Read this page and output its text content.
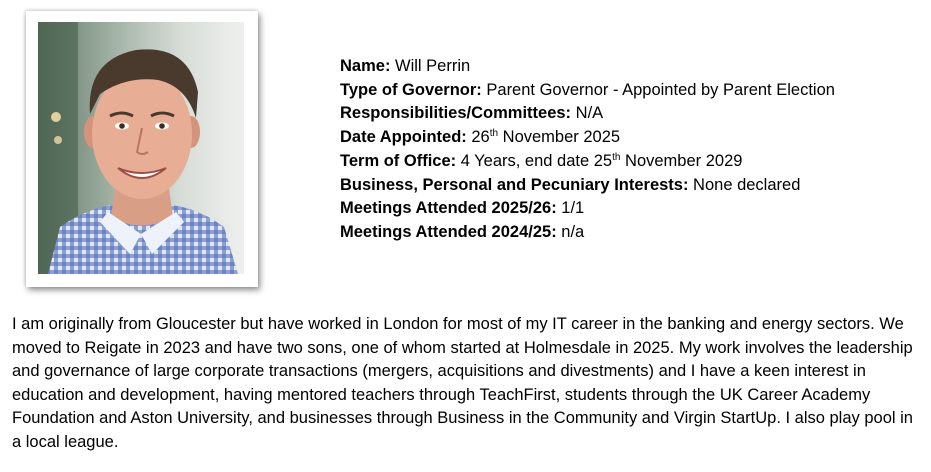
Name: Will Perrin
Type of Governor: Parent Governor - Appointed by Parent Election
Responsibilities/Committees: N/A
Date Appointed: 26th November 2025
Term of Office: 4 Years, end date 25th November 2029
Business, Personal and Pecuniary Interests: None declared
Meetings Attended 2025/26: 1/1
Meetings Attended 2024/25: n/a

I am originally from Gloucester but have worked in London for most of my IT career in the banking and energy sectors. We moved to Reigate in 2023 and have two sons, one of whom started at Holmesdale in 2025. My work involves the leadership and governance of large corporate transactions (mergers, acquisitions and divestments) and I have a keen interest in education and development, having mentored teachers through TeachFirst, students through the UK Career Academy Foundation and Aston University, and businesses through Business in the Community and Virgin StartUp. I also play pool in a local league.
